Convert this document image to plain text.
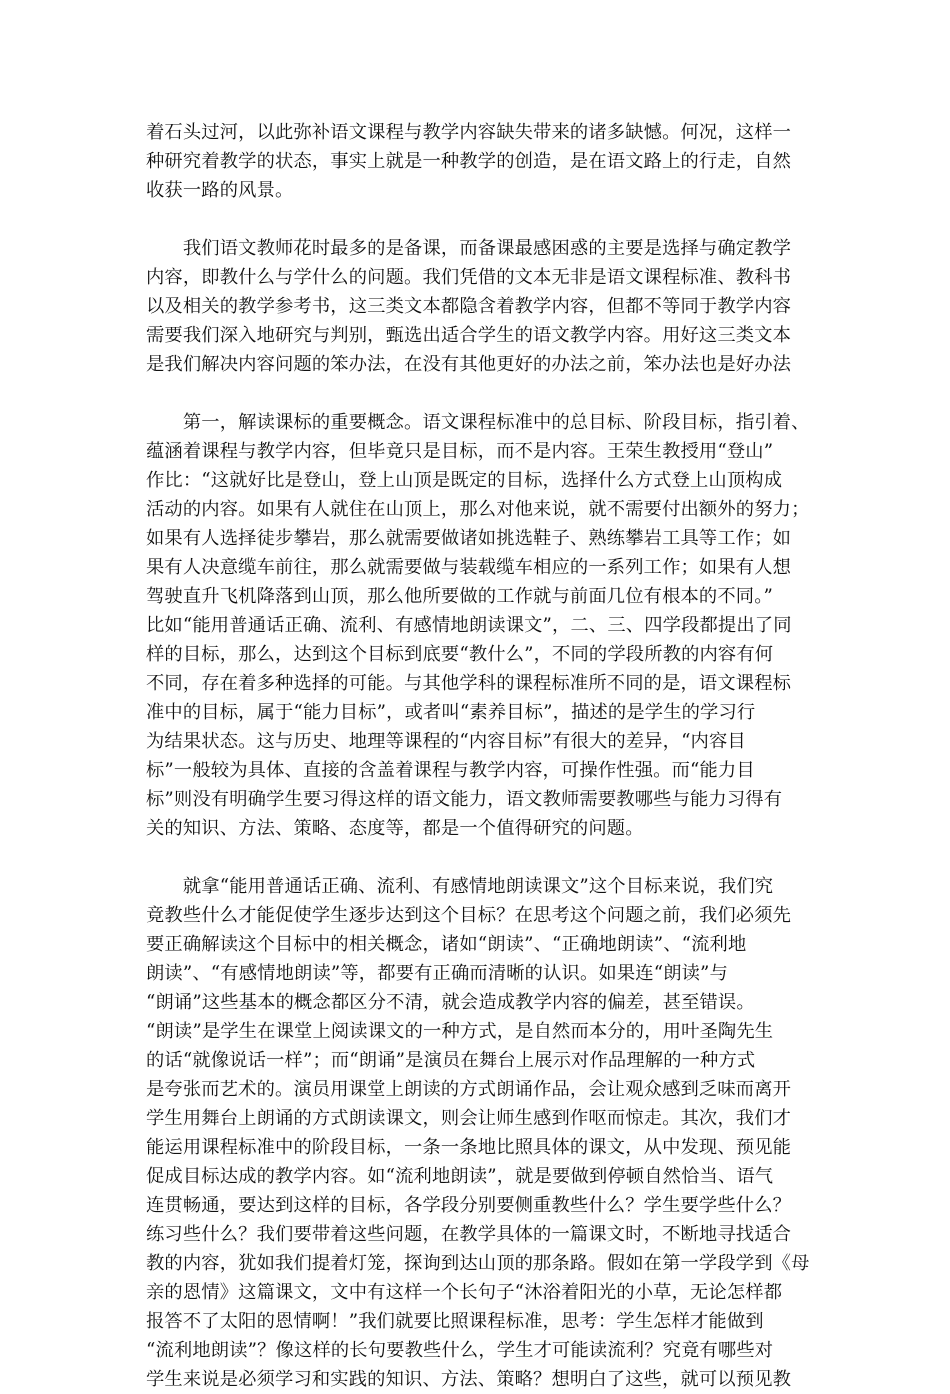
着石头过河，以此弥补语文课程与教学内容缺失带来的诸多缺憾。何况，这样一
种研究着教学的状态，事实上就是一种教学的创造，是在语文路上的行走，自然
收获一路的风景。
　　我们语文教师花时最多的是备课，而备课最感困惑的主要是选择与确定教学
内容，即教什么与学什么的问题。我们凭借的文本无非是语文课程标准、教科书
以及相关的教学参考书，这三类文本都隐含着教学内容，但都不等同于教学内容
需要我们深入地研究与判别，甄选出适合学生的语文教学内容。用好这三类文本
是我们解决内容问题的笨办法，在没有其他更好的办法之前，笨办法也是好办法
　　第一，解读课标的重要概念。语文课程标准中的总目标、阶段目标，指引着、
蕴涵着课程与教学内容，但毕竟只是目标，而不是内容。王荣生教授用“登山”
作比：“这就好比是登山，登上山顶是既定的目标，选择什么方式登上山顶构成
活动的内容。如果有人就住在山顶上，那么对他来说，就不需要付出额外的努力；
如果有人选择徒步攀岩，那么就需要做诸如挑选鞋子、熟练攀岩工具等工作；如
果有人决意缆车前往，那么就需要做与装载缆车相应的一系列工作；如果有人想
驾驶直升飞机降落到山顶，那么他所要做的工作就与前面几位有根本的不同。”
比如“能用普通话正确、流利、有感情地朗读课文”，二、三、四学段都提出了同
样的目标，那么，达到这个目标到底要“教什么”，不同的学段所教的内容有何
不同，存在着多种选择的可能。与其他学科的课程标准所不同的是，语文课程标
准中的目标，属于“能力目标”，或者叫“素养目标”，描述的是学生的学习行
为结果状态。这与历史、地理等课程的“内容目标”有很大的差异，“内容目
标”一般较为具体、直接的含盖着课程与教学内容，可操作性强。而“能力目
标”则没有明确学生要习得这样的语文能力，语文教师需要教哪些与能力习得有
关的知识、方法、策略、态度等，都是一个值得研究的问题。
　　就拿“能用普通话正确、流利、有感情地朗读课文”这个目标来说，我们究
竟教些什么才能促使学生逐步达到这个目标？在思考这个问题之前，我们必须先
要正确解读这个目标中的相关概念，诸如“朗读”、“正确地朗读”、“流利地
朗读”、“有感情地朗读”等，都要有正确而清晰的认识。如果连“朗读”与
“朗诵”这些基本的概念都区分不清，就会造成教学内容的偏差，甚至错误。
“朗读”是学生在课堂上阅读课文的一种方式，是自然而本分的，用叶圣陶先生
的话“就像说话一样”；而“朗诵”是演员在舞台上展示对作品理解的一种方式
是夸张而艺术的。演员用课堂上朗读的方式朗诵作品，会让观众感到乏味而离开
学生用舞台上朗诵的方式朗读课文，则会让师生感到作呕而惊走。其次，我们才
能运用课程标准中的阶段目标，一条一条地比照具体的课文，从中发现、预见能
促成目标达成的教学内容。如“流利地朗读”，就是要做到停顿自然恰当、语气
连贯畅通，要达到这样的目标，各学段分别要侧重教些什么？学生要学些什么？
练习些什么？我们要带着这些问题，在教学具体的一篇课文时，不断地寻找适合
教的内容，犹如我们提着灯笼，探询到达山顶的那条路。假如在第一学段学到《母
亲的恩情》这篇课文，文中有这样一个长句子“沐浴着阳光的小草，无论怎样都
报答不了太阳的恩情啊！”我们就要比照课程标准，思考：学生怎样才能做到
“流利地朗读”？像这样的长句要教些什么，学生才可能读流利？究竟有哪些对
学生来说是必须学习和实践的知识、方法、策略？想明白了这些，就可以预见教
